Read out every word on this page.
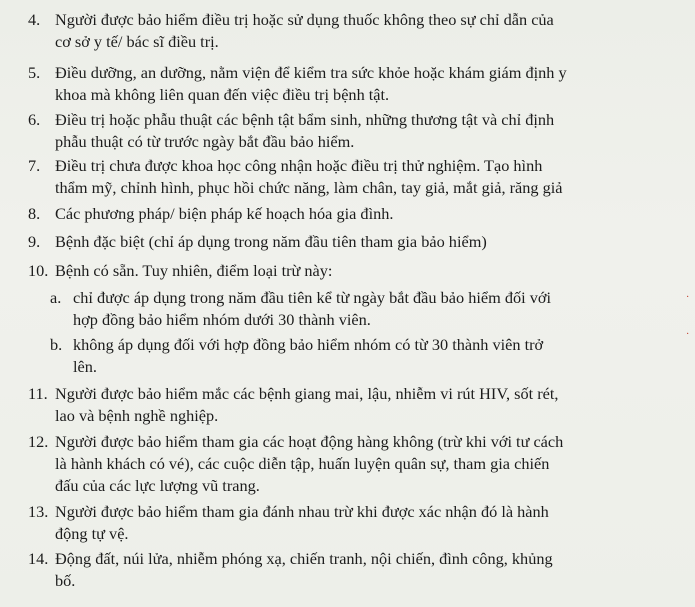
4. Người được bảo hiểm điều trị hoặc sử dụng thuốc không theo sự chỉ dẫn của
cơ sở y tế/ bác sĩ điều trị.
5. Điều dưỡng, an dưỡng, nằm viện để kiểm tra sức khỏe hoặc khám giám định y
khoa mà không liên quan đến việc điều trị bệnh tật.
6. Điều trị hoặc phẫu thuật các bệnh tật bẩm sinh, những thương tật và chỉ định
phẫu thuật có từ trước ngày bắt đầu bảo hiểm.
7. Điều trị chưa được khoa học công nhận hoặc điều trị thử nghiệm. Tạo hình
thẩm mỹ, chỉnh hình, phục hồi chức năng, làm chân, tay giả, mắt giả, răng giả
8. Các phương pháp/ biện pháp kế hoạch hóa gia đình.
9. Bệnh đặc biệt (chỉ áp dụng trong năm đầu tiên tham gia bảo hiểm)
10. Bệnh có sẵn. Tuy nhiên, điểm loại trừ này:
a. chỉ được áp dụng trong năm đầu tiên kể từ ngày bắt đầu bảo hiểm đối với
hợp đồng bảo hiểm nhóm dưới 30 thành viên.
b. không áp dụng đối với hợp đồng bảo hiểm nhóm có từ 30 thành viên trở
lên.
11. Người được bảo hiểm mắc các bệnh giang mai, lậu, nhiễm vi rút HIV, sốt rét,
lao và bệnh nghề nghiệp.
12. Người được bảo hiểm tham gia các hoạt động hàng không (trừ khi với tư cách
là hành khách có vé), các cuộc diễn tập, huấn luyện quân sự, tham gia chiến
đấu của các lực lượng vũ trang.
13. Người được bảo hiểm tham gia đánh nhau trừ khi được xác nhận đó là hành
động tự vệ.
14. Động đất, núi lửa, nhiễm phóng xạ, chiến tranh, nội chiến, đình công, khủng
bố.
·
·
